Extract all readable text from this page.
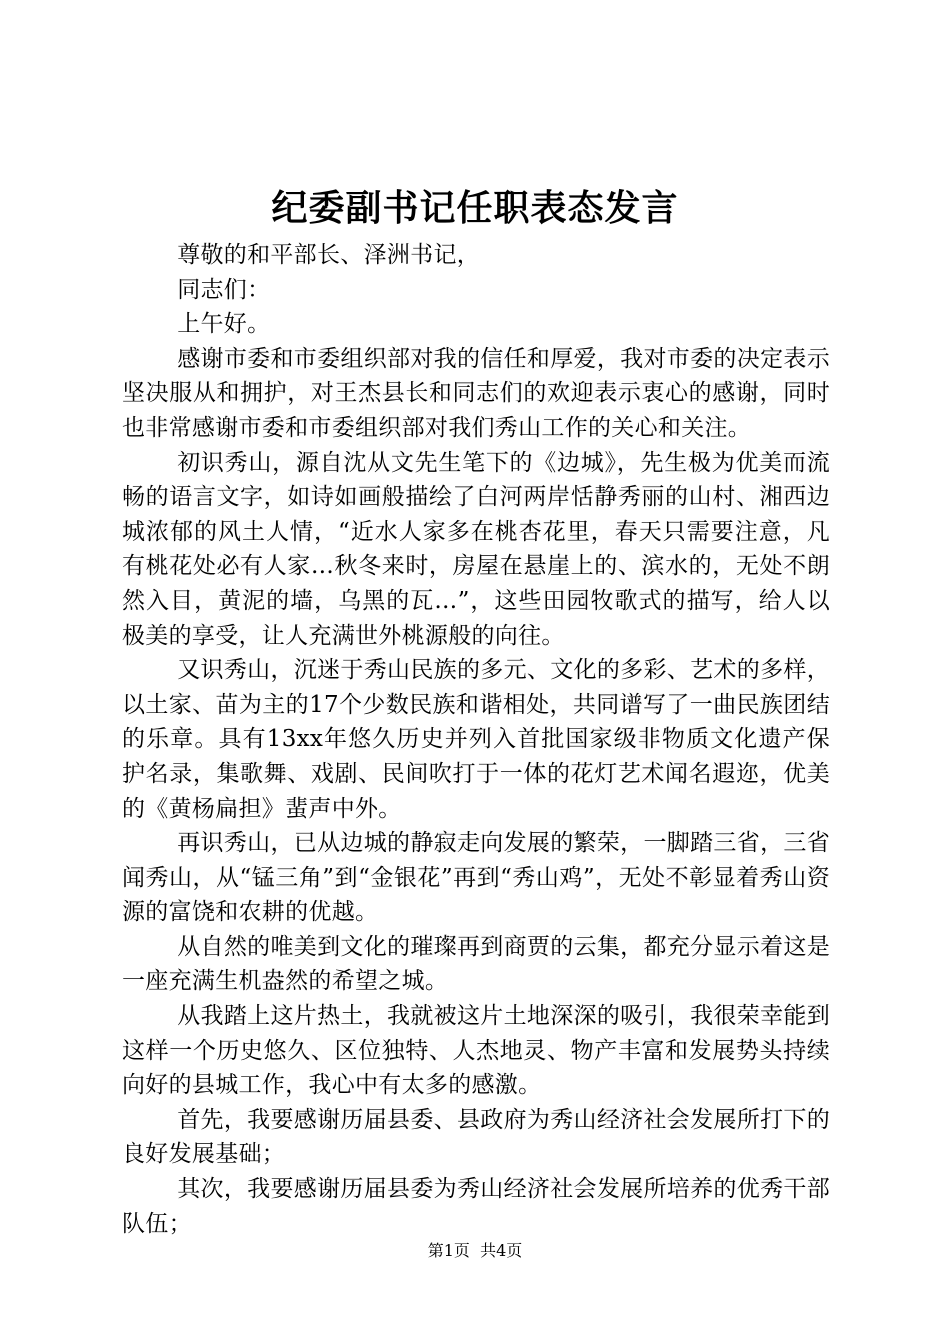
纪委副书记任职表态发言

尊敬的和平部长、泽洲书记，

同志们：

上午好。

感谢市委和市委组织部对我的信任和厚爱，我对市委的决定表示坚决服从和拥护，对王杰县长和同志们的欢迎表示衷心的感谢，同时也非常感谢市委和市委组织部对我们秀山工作的关心和关注。

初识秀山，源自沈从文先生笔下的《边城》，先生极为优美而流畅的语言文字，如诗如画般描绘了白河两岸恬静秀丽的山村、湘西边城浓郁的风土人情，“近水人家多在桃杏花里，春天只需要注意，凡有桃花处必有人家…秋冬来时，房屋在悬崖上的、滨水的，无处不朗然入目，黄泥的墙，乌黑的瓦…”，这些田园牧歌式的描写，给人以极美的享受，让人充满世外桃源般的向往。

又识秀山，沉迷于秀山民族的多元、文化的多彩、艺术的多样，以土家、苗为主的17个少数民族和谐相处，共同谱写了一曲民族团结的乐章。具有13xx年悠久历史并列入首批国家级非物质文化遗产保护名录，集歌舞、戏剧、民间吹打于一体的花灯艺术闻名遐迩，优美的《黄杨扁担》蜚声中外。

再识秀山，已从边城的静寂走向发展的繁荣，一脚踏三省，三省闻秀山，从“锰三角”到“金银花”再到“秀山鸡”，无处不彰显着秀山资源的富饶和农耕的优越。

从自然的唯美到文化的璀璨再到商贾的云集，都充分显示着这是一座充满生机盎然的希望之城。

从我踏上这片热土，我就被这片土地深深的吸引，我很荣幸能到这样一个历史悠久、区位独特、人杰地灵、物产丰富和发展势头持续向好的县城工作，我心中有太多的感激。

首先，我要感谢历届县委、县政府为秀山经济社会发展所打下的良好发展基础；

其次，我要感谢历届县委为秀山经济社会发展所培养的优秀干部队伍；

第1页 共4页
